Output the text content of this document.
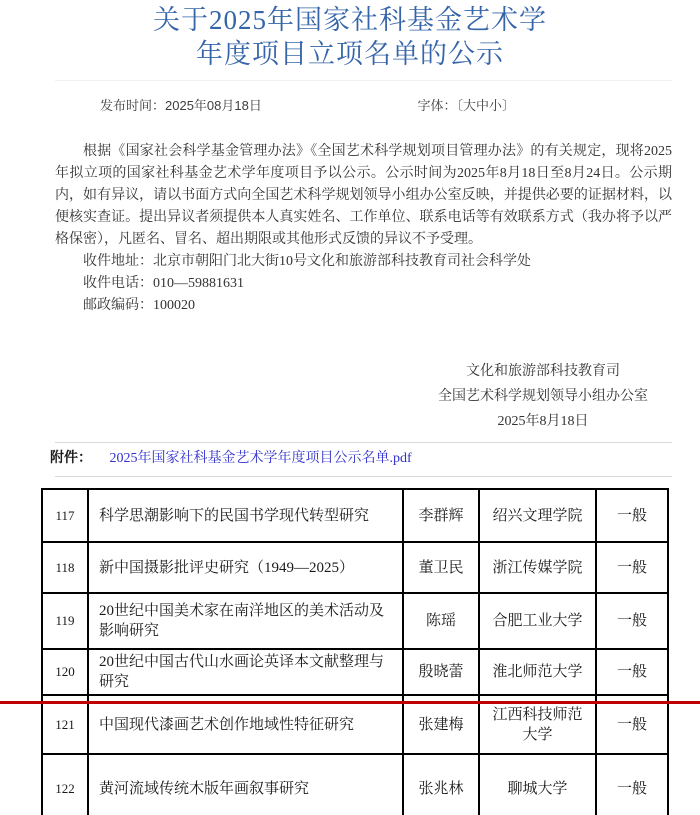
关于2025年国家社科基金艺术学
年度项目立项名单的公示
发布时间：2025年08月18日	字体：〔大中小〕

根据《国家社会科学基金管理办法》《全国艺术科学规划项目管理办法》的有关规定，现将2025年拟立项的国家社科基金艺术学年度项目予以公示。公示时间为2025年8月18日至8月24日。公示期内，如有异议，请以书面方式向全国艺术科学规划领导小组办公室反映，并提供必要的证据材料，以便核实查证。提出异议者须提供本人真实姓名、工作单位、联系电话等有效联系方式（我办将予以严格保密），凡匿名、冒名、超出期限或其他形式反馈的异议不予受理。

收件地址：北京市朝阳门北大街10号文化和旅游部科技教育司社会科学处

收件电话：010—59881631

邮政编码：100020

文化和旅游部科技教育司
全国艺术科学规划领导小组办公室
2025年8月18日
附件： 2025年国家社科基金艺术学年度项目公示名单.pdf
117	科学思潮影响下的民国书学现代转型研究	李群辉	绍兴文理学院	一般
118	新中国摄影批评史研究（1949—2025）	董卫民	浙江传媒学院	一般
119	20世纪中国美术家在南洋地区的美术活动及影响研究	陈瑶	合肥工业大学	一般
120	20世纪中国古代山水画论英译本文献整理与研究	殷晓蕾	淮北师范大学	一般
121	中国现代漆画艺术创作地域性特征研究	张建梅	江西科技师范大学	一般
122	黄河流域传统木版年画叙事研究	张兆林	聊城大学	一般
